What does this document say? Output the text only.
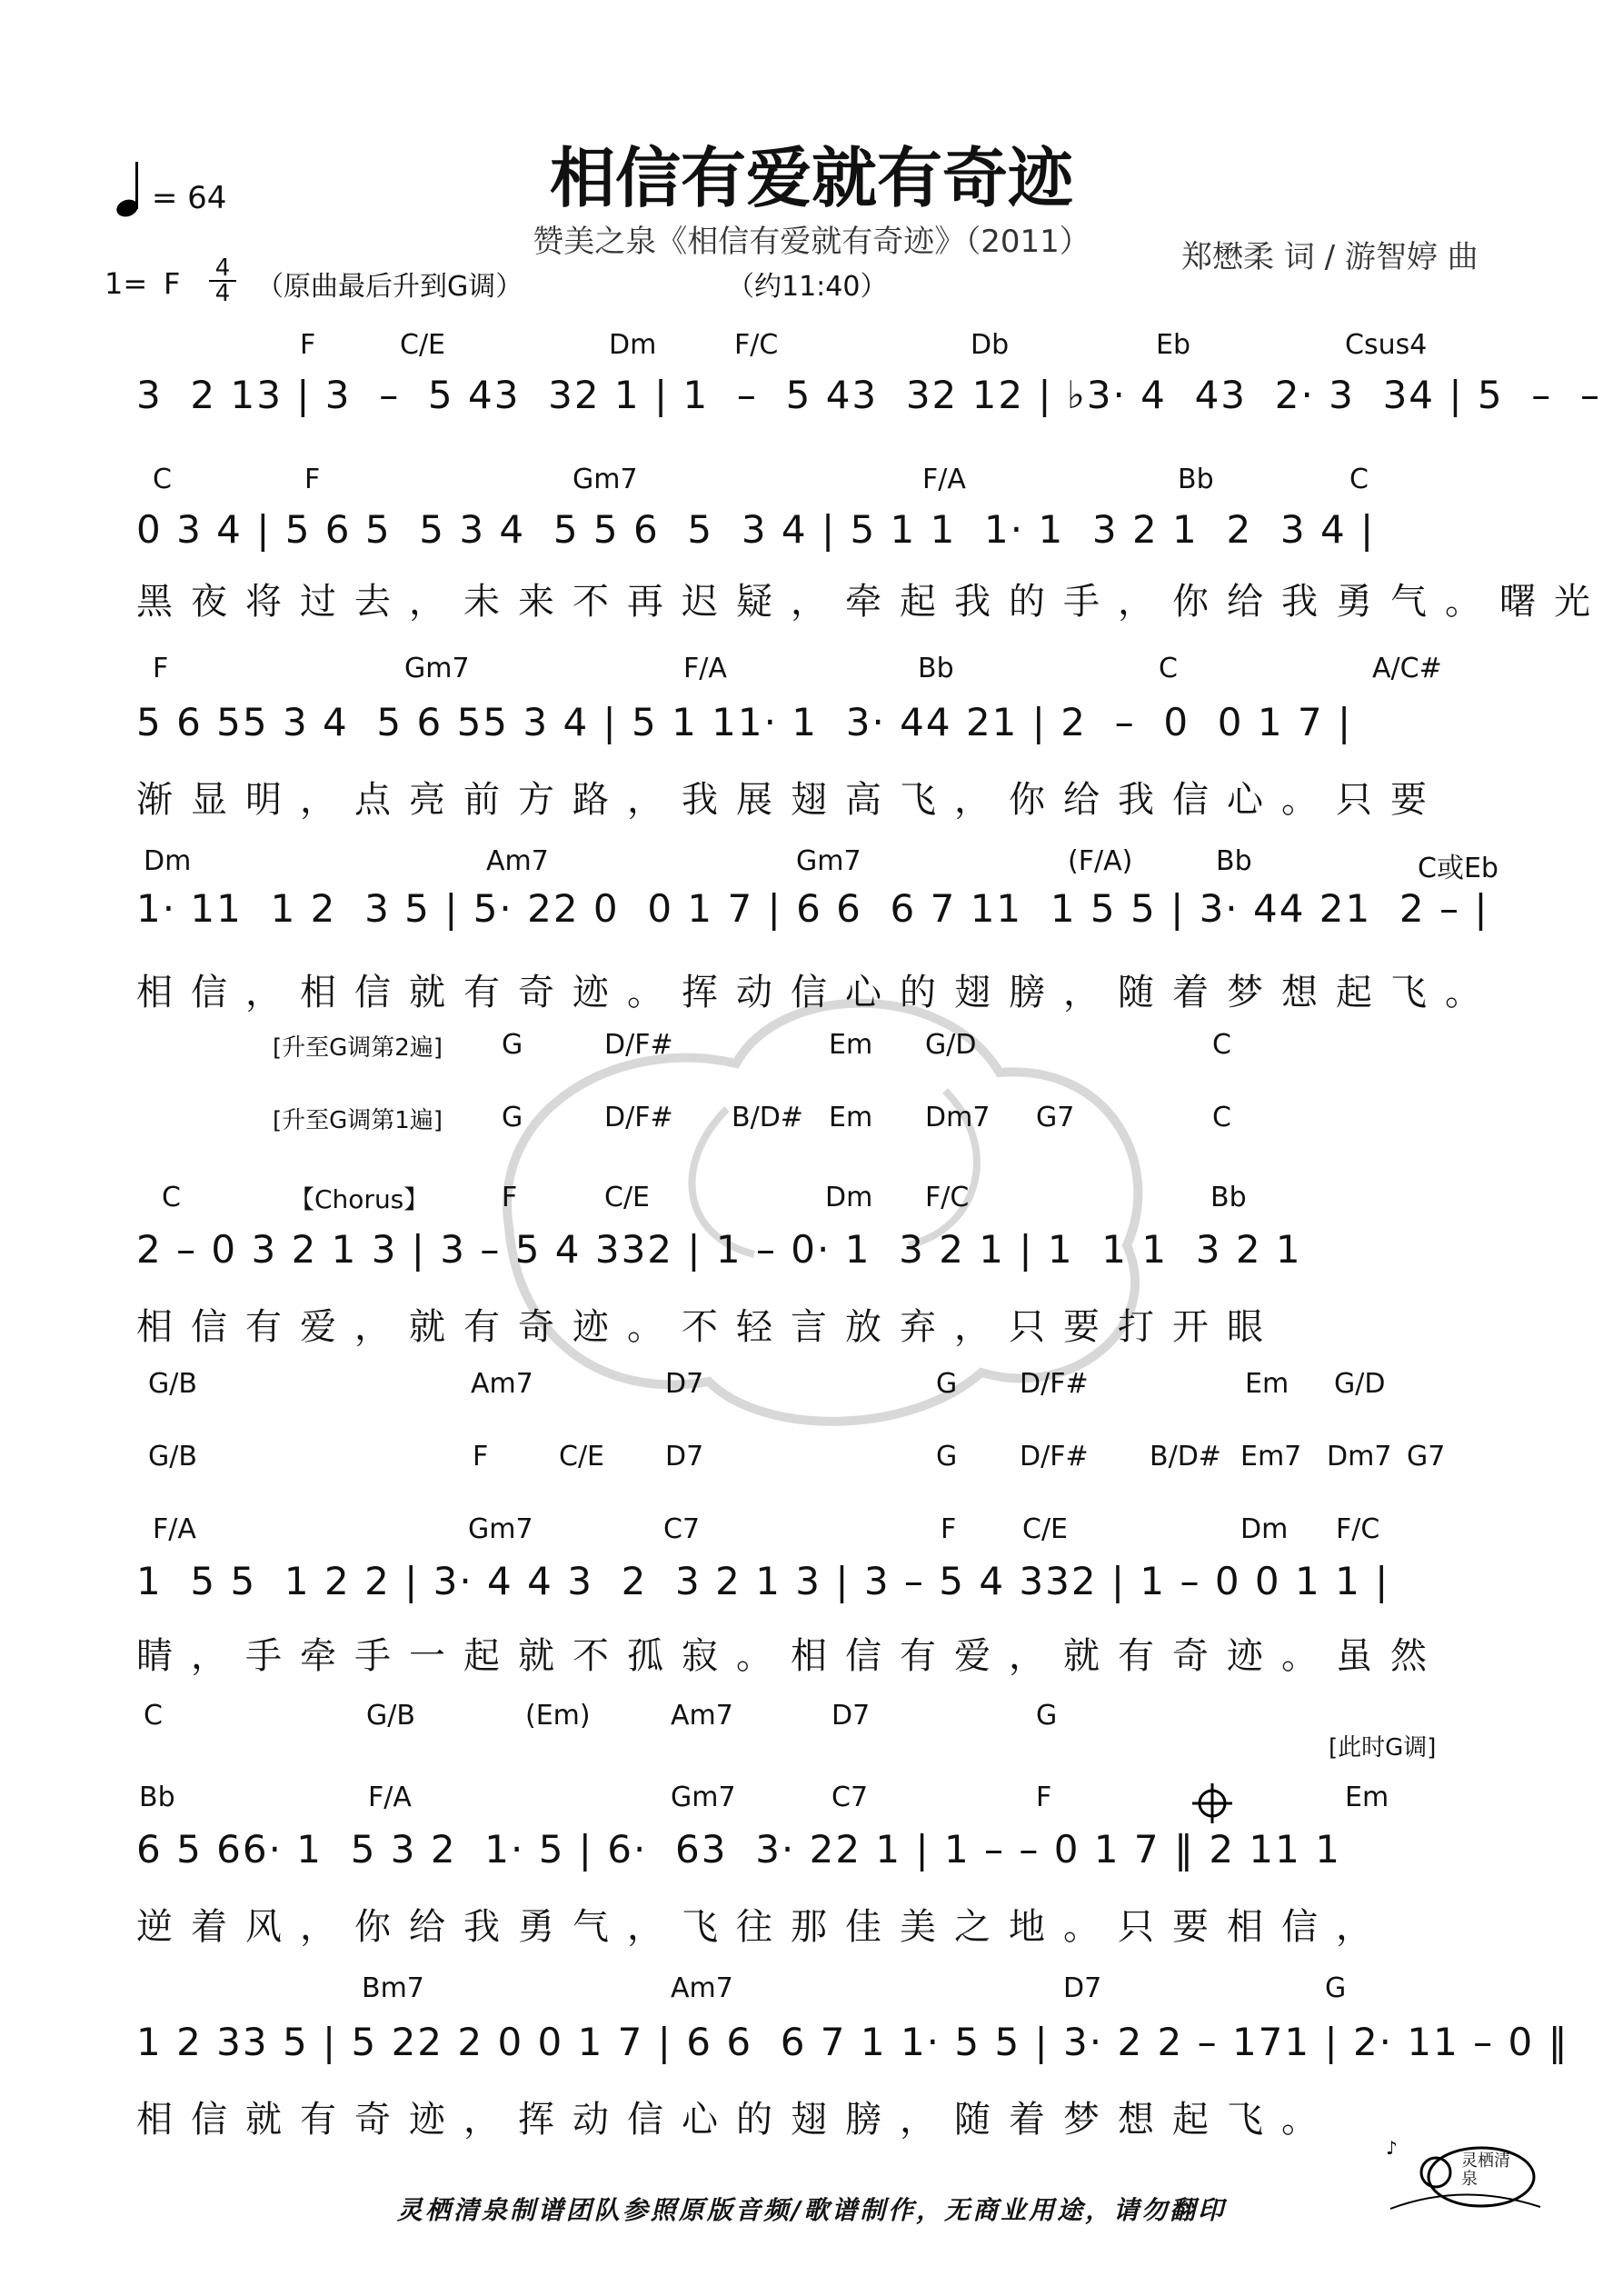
= 64	相信有爱就有奇迹
赞美之泉《相信有爱就有奇迹》（2011）	郑懋柔 词 / 游智婷 曲
1= F 4
4 （原曲最后升到G调）	（约11:40）
F	C/E	Dm	F/C	Db	Eb	Csus4
3  2 13 | 3  –  5 43  32 1 | 1  –  5 43  32 12 | ♭3· 4  43  2· 3  34 | 5  –  –
C	F	Gm7	F/A	Bb	C
0 3 4 | 5 6 5  5 3 4  5 5 6  5  3 4 | 5 1 1  1· 1  3 2 1  2  3 4 |
黑夜将过去，未来不再迟疑，牵起我的手，你给我勇气。曙光
F	Gm7	F/A	Bb	C	A/C#
5 6 55 3 4  5 6 55 3 4 | 5 1 11· 1  3· 44 21 | 2  –  0  0 1 7 |
渐显明，点亮前方路，我展翅高飞，你给我信心。只要
Dm	Am7	Gm7	(F/A)	Bb	C或Eb
1· 11  1 2  3 5 | 5· 22 0  0 1 7 | 6 6  6 7 11  1 5 5 | 3· 44 21  2 – |
相信，相信就有奇迹。挥动信心的翅膀，随着梦想起飞。
G	D/F#	Em G/D	C
G	D/F# B/D# Em Dm7 G7	C
C	F	C/E	Dm F/C	Bb
2 – 0 3 2 1 3 | 3 – 5 4 332 | 1 – 0· 1  3 2 1 | 1  1 1  3 2 1
相信有爱，就有奇迹。不轻言放弃，只要打开眼
G/B	Am7	D7	G D/F#	Em G/D
G/B	F	C/E D7	G D/F# B/D# Em7 Dm7 G7
F/A	Gm7	C7	F C/E	Dm F/C
1  5 5  1 2 2 | 3· 4 4 3  2  3 2 1 3 | 3 – 5 4 332 | 1 – 0 0 1 1 |
睛，手牵手一起就不孤寂。相信有爱，就有奇迹。虽然
C	G/B	(Em)	Am7	D7	G
Bb	F/A	Gm7	C7	F	Em
6 5 66· 1  5 3 2  1· 5 | 6·  63  3· 22 1 | 1 – – 0 1 7 ‖ 2 11 1
逆着风，你给我勇气，飞往那佳美之地。只要相信，
Bm7	Am7	D7	G
1 2 33 5 | 5 22 2 0 0 1 7 | 6 6  6 7 1 1· 5 5 | 3· 2 2 – 171 | 2· 11 – 0 ‖
相信就有奇迹，挥动信心的翅膀，随着梦想起飞。
[升至G调第2遍]
[升至G调第1遍]
【Chorus】
[此时G调]
灵栖清泉制谱团队参照原版音频/歌谱制作，无商业用途，请勿翻印
♪
灵栖清泉
